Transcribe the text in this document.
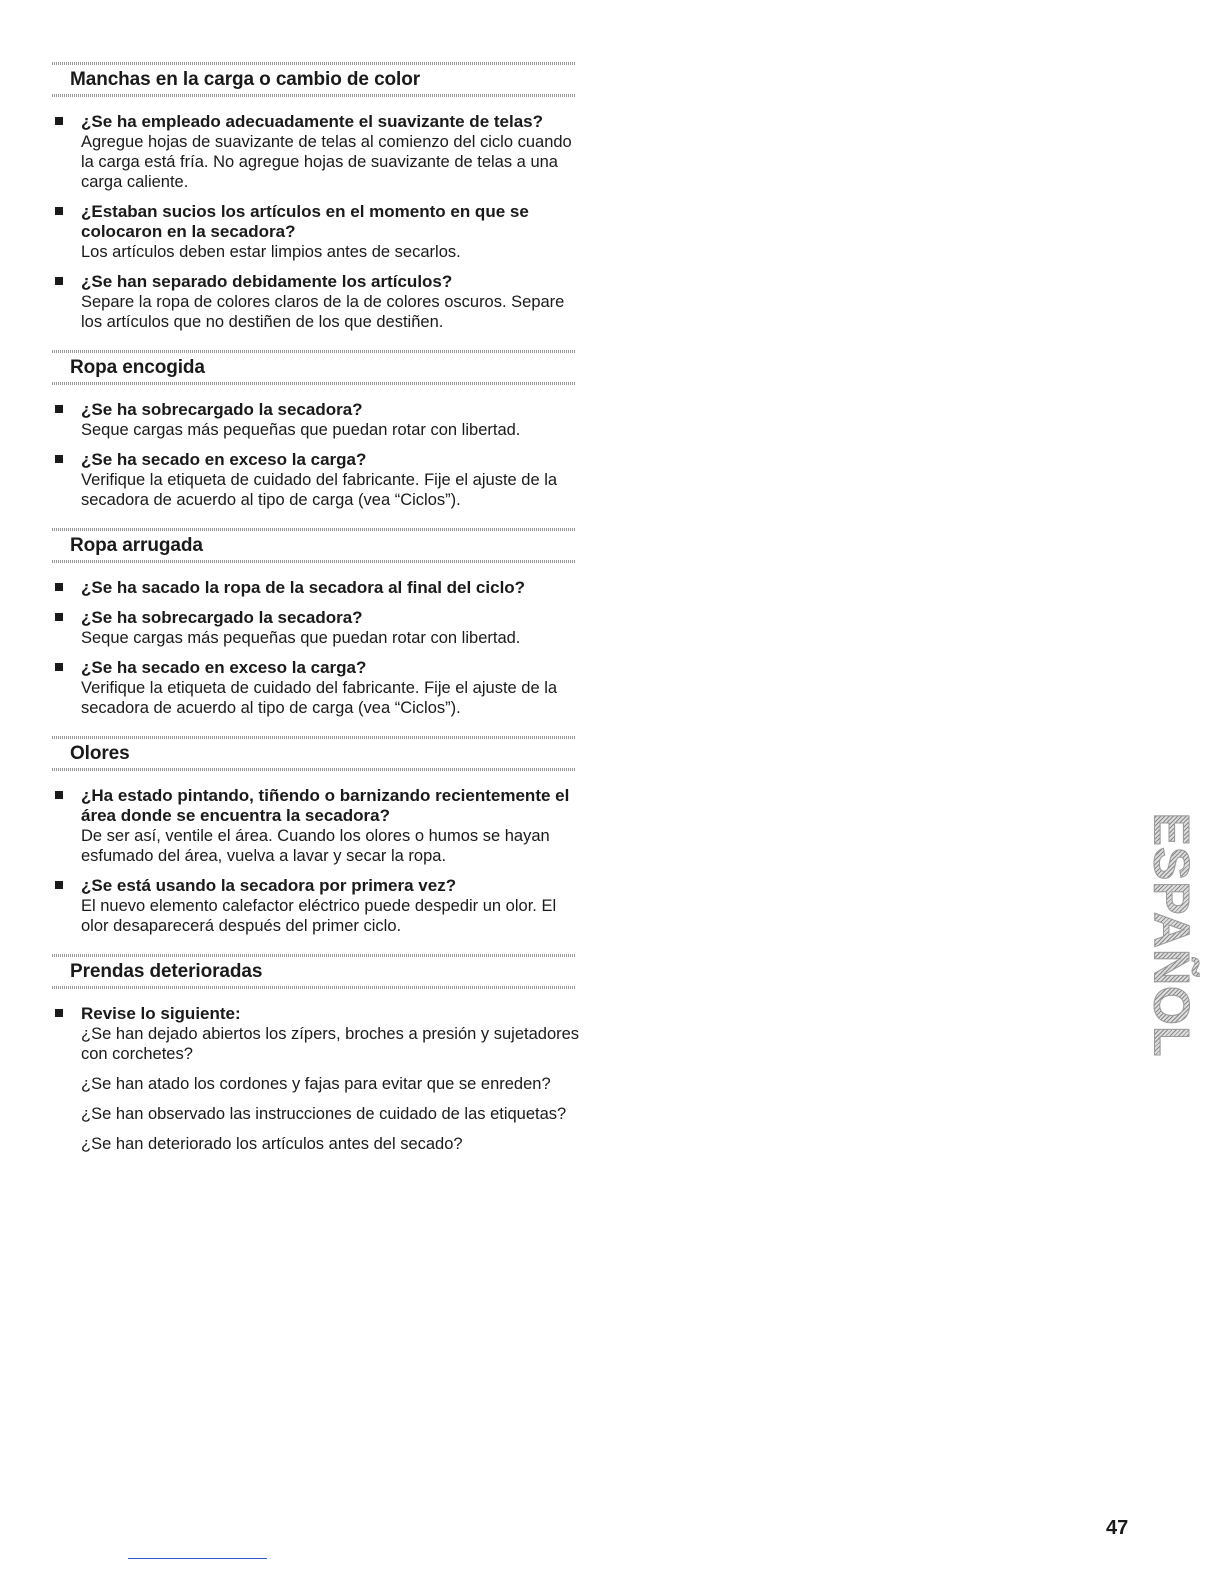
Manchas en la carga o cambio de color
¿Se ha empleado adecuadamente el suavizante de telas?
Agregue hojas de suavizante de telas al comienzo del ciclo cuando la carga está fría. No agregue hojas de suavizante de telas a una carga caliente.
¿Estaban sucios los artículos en el momento en que se colocaron en la secadora?
Los artículos deben estar limpios antes de secarlos.
¿Se han separado debidamente los artículos?
Separe la ropa de colores claros de la de colores oscuros. Separe los artículos que no destiñen de los que destiñen.
Ropa encogida
¿Se ha sobrecargado la secadora?
Seque cargas más pequeñas que puedan rotar con libertad.
¿Se ha secado en exceso la carga?
Verifique la etiqueta de cuidado del fabricante. Fije el ajuste de la secadora de acuerdo al tipo de carga (vea “Ciclos”).
Ropa arrugada
¿Se ha sacado la ropa de la secadora al final del ciclo?
¿Se ha sobrecargado la secadora?
Seque cargas más pequeñas que puedan rotar con libertad.
¿Se ha secado en exceso la carga?
Verifique la etiqueta de cuidado del fabricante. Fije el ajuste de la secadora de acuerdo al tipo de carga (vea “Ciclos”).
Olores
¿Ha estado pintando, tiñendo o barnizando recientemente el área donde se encuentra la secadora?
De ser así, ventile el área. Cuando los olores o humos se hayan esfumado del área, vuelva a lavar y secar la ropa.
¿Se está usando la secadora por primera vez?
El nuevo elemento calefactor eléctrico puede despedir un olor. El olor desaparecerá después del primer ciclo.
Prendas deterioradas
Revise lo siguiente:
¿Se han dejado abiertos los zípers, broches a presión y sujetadores con corchetes?
¿Se han atado los cordones y fajas para evitar que se enreden?
¿Se han observado las instrucciones de cuidado de las etiquetas?
¿Se han deteriorado los artículos antes del secado?
ESPAÑOL
47
